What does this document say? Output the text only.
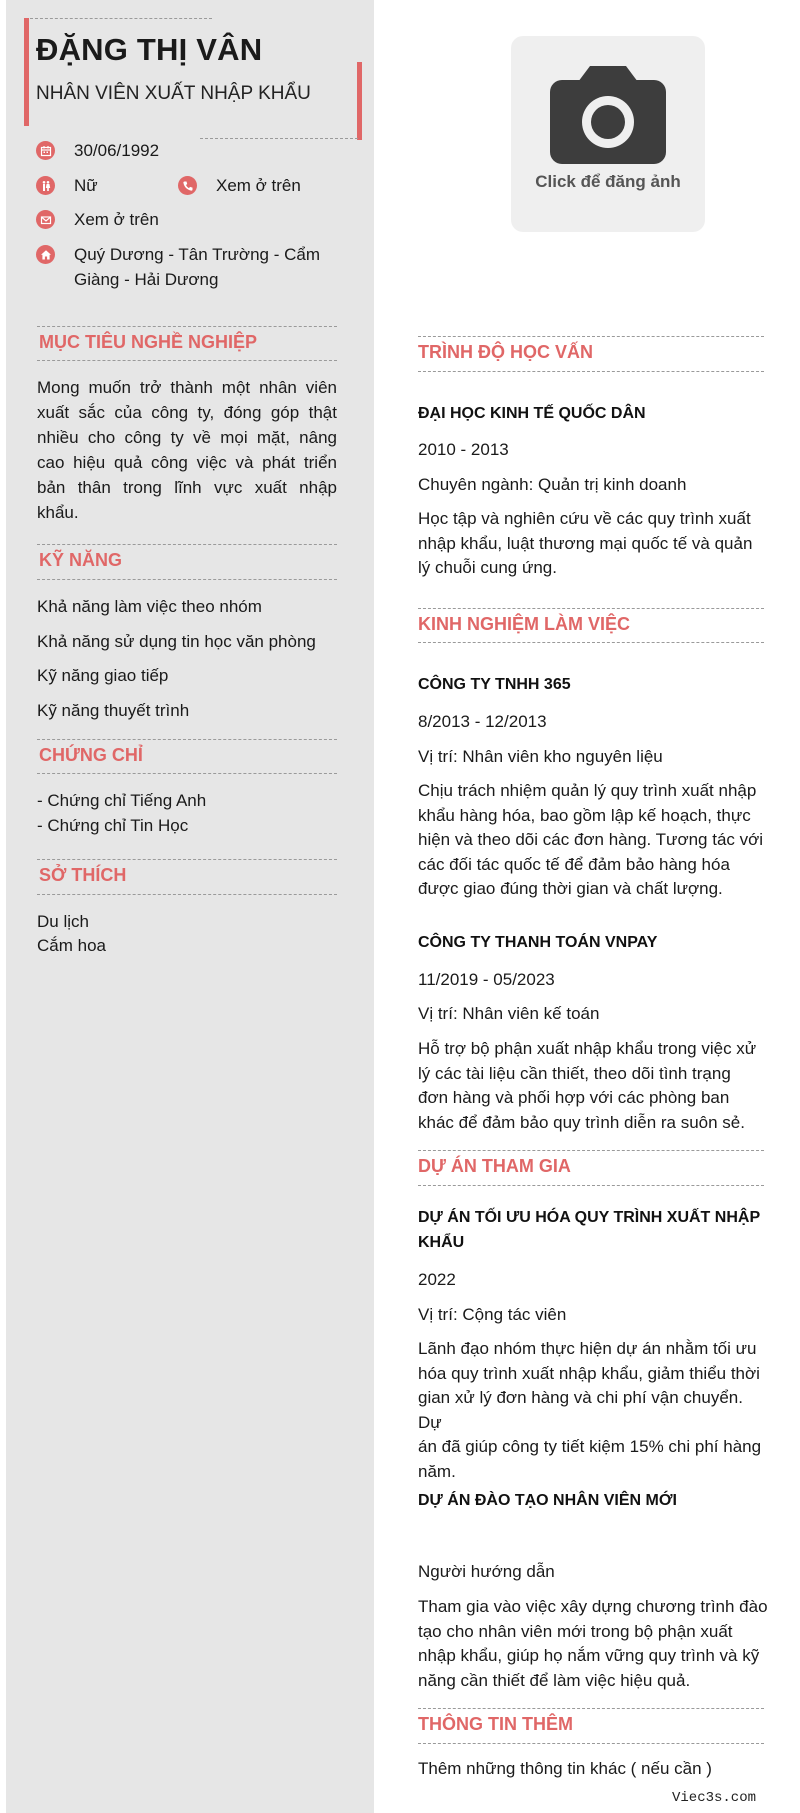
ĐẶNG THỊ VÂN
NHÂN VIÊN XUẤT NHẬP KHẨU
30/06/1992
Nữ	Xem ở trên
Xem ở trên
Quý Dương - Tân Trường - Cẩm
Giàng - Hải Dương
MỤC TIÊU NGHỀ NGHIỆP
Mong muốn trở thành một nhân viên
xuất sắc của công ty, đóng góp thật
nhiều cho công ty về mọi mặt, nâng
cao hiệu quả công việc và phát triển
bản thân trong lĩnh vực xuất nhập
khẩu.
KỸ NĂNG
Khả năng làm việc theo nhóm
Khả năng sử dụng tin học văn phòng
Kỹ năng giao tiếp
Kỹ năng thuyết trình
CHỨNG CHỈ
- Chứng chỉ Tiếng Anh
- Chứng chỉ Tin Học
SỞ THÍCH
Du lịch
Cắm hoa
Click để đăng ảnh
TRÌNH ĐỘ HỌC VẤN
ĐẠI HỌC KINH TẾ QUỐC DÂN
2010 - 2013
Chuyên ngành: Quản trị kinh doanh
Học tập và nghiên cứu về các quy trình xuất
nhập khẩu, luật thương mại quốc tế và quản
lý chuỗi cung ứng.
KINH NGHIỆM LÀM VIỆC
CÔNG TY TNHH 365
8/2013 - 12/2013
Vị trí: Nhân viên kho nguyên liệu
Chịu trách nhiệm quản lý quy trình xuất nhập
khẩu hàng hóa, bao gồm lập kế hoạch, thực
hiện và theo dõi các đơn hàng. Tương tác với
các đối tác quốc tế để đảm bảo hàng hóa
được giao đúng thời gian và chất lượng.
CÔNG TY THANH TOÁN VNPAY
11/2019 - 05/2023
Vị trí: Nhân viên kế toán
Hỗ trợ bộ phận xuất nhập khẩu trong việc xử
lý các tài liệu cần thiết, theo dõi tình trạng
đơn hàng và phối hợp với các phòng ban
khác để đảm bảo quy trình diễn ra suôn sẻ.
DỰ ÁN THAM GIA
DỰ ÁN TỐI ƯU HÓA QUY TRÌNH XUẤT NHẬP
KHẨU
2022
Vị trí: Cộng tác viên
Lãnh đạo nhóm thực hiện dự án nhằm tối ưu
hóa quy trình xuất nhập khẩu, giảm thiểu thời
gian xử lý đơn hàng và chi phí vận chuyển. Dự
án đã giúp công ty tiết kiệm 15% chi phí hàng
năm.
DỰ ÁN ĐÀO TẠO NHÂN VIÊN MỚI
Người hướng dẫn
Tham gia vào việc xây dựng chương trình đào
tạo cho nhân viên mới trong bộ phận xuất
nhập khẩu, giúp họ nắm vững quy trình và kỹ
năng cần thiết để làm việc hiệu quả.
THÔNG TIN THÊM
Thêm những thông tin khác ( nếu cần )
Viec3s.com
